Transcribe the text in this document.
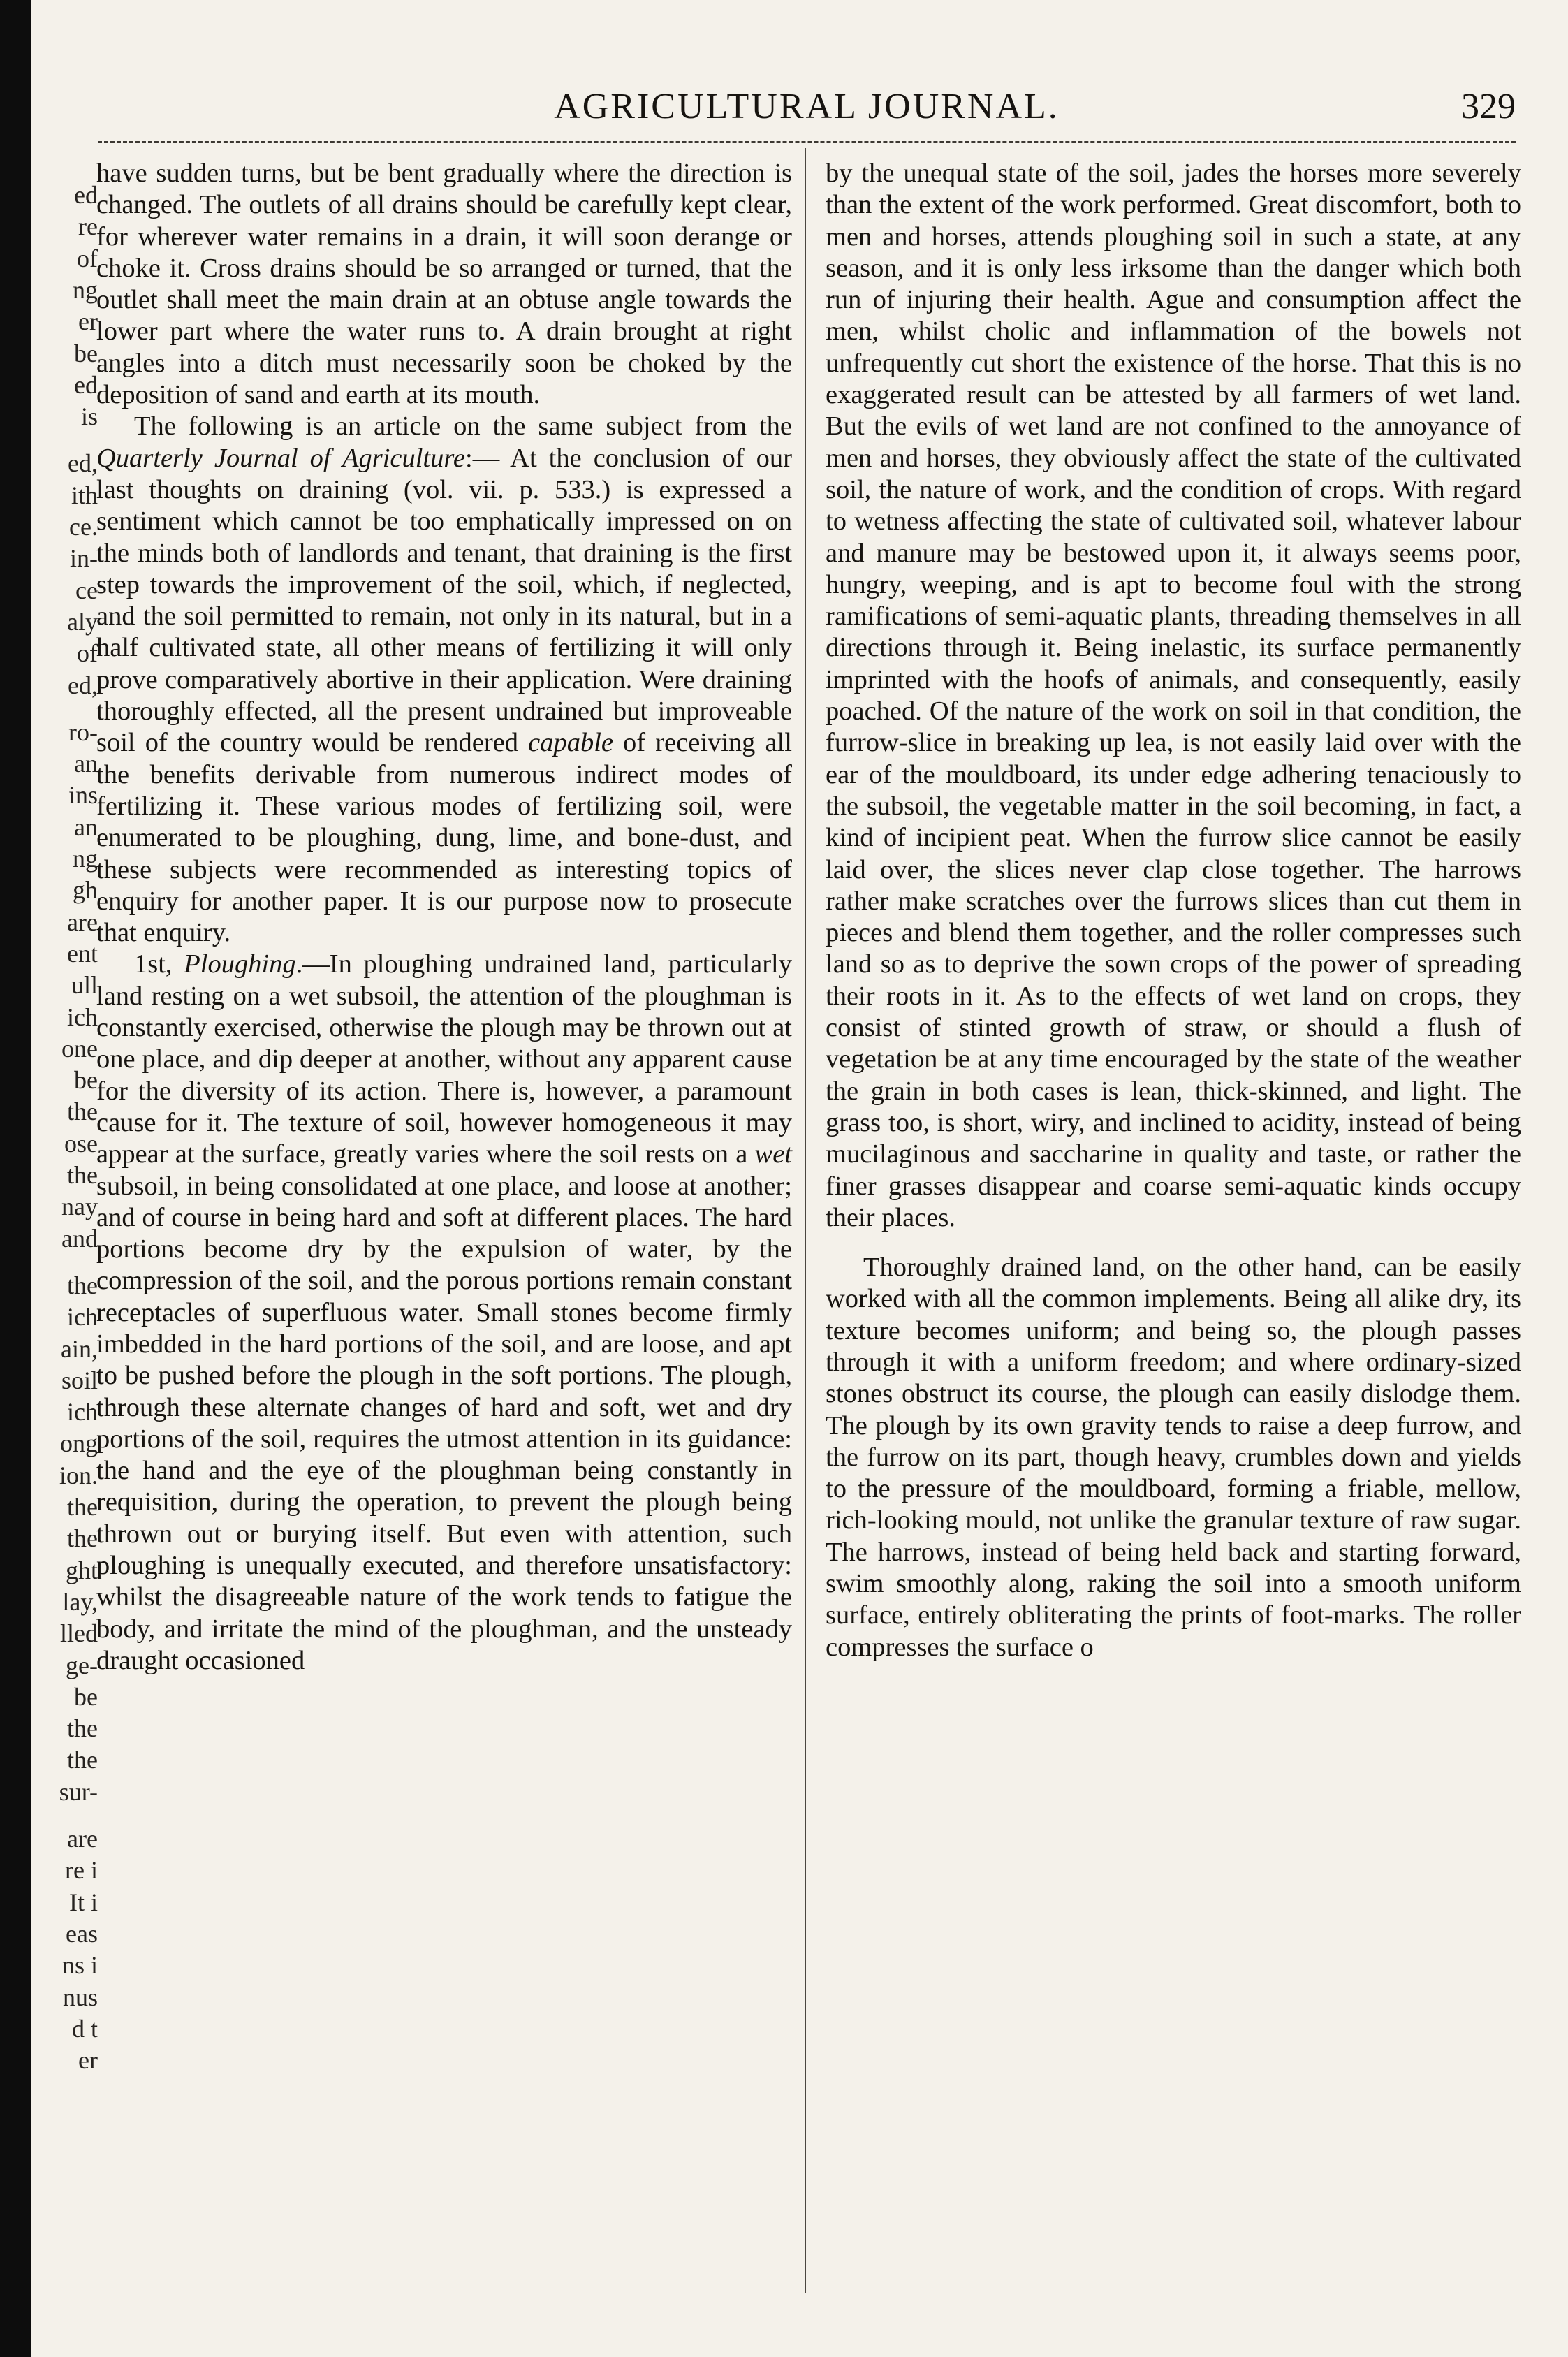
ed
re
of
ng
er
be
ed
is
ed,
ith
ce.
in-
ce
aly
of
ed,
ro-
an
ins
an
ng
gh
are
ent
ull
ich
one
be
the
ose
the
nay
and
the
ich
ain,
soil
ich
ong
ion.
the
the
ght
lay,
lled
ge-
be
the
the
sur-
are
re i
It i
eas
ns i
nus
d t
er
AGRICULTURAL JOURNAL.	329

have sudden turns, but be bent gradually where the direction is changed. The outlets of all drains should be carefully kept clear, for wherever water remains in a drain, it will soon derange or choke it. Cross drains should be so arranged or turned, that the outlet shall meet the main drain at an obtuse angle towards the lower part where the water runs to. A drain brought at right angles into a ditch must necessarily soon be choked by the deposition of sand and earth at its mouth.

The following is an article on the same subject from the Quarterly Journal of Agriculture:— At the conclusion of our last thoughts on draining (vol. vii. p. 533.) is expressed a sentiment which cannot be too emphatically impressed on on the minds both of landlords and tenant, that draining is the first step towards the improvement of the soil, which, if neglected, and the soil permitted to remain, not only in its natural, but in a half cultivated state, all other means of fertilizing it will only prove comparatively abortive in their application. Were draining thoroughly effected, all the present undrained but improveable soil of the country would be rendered capable of receiving all the benefits derivable from numerous indirect modes of fertilizing it. These various modes of fertilizing soil, were enumerated to be ploughing, dung, lime, and bone-dust, and these subjects were recommended as interesting topics of enquiry for another paper. It is our purpose now to prosecute that enquiry.

1st, Ploughing.—In ploughing undrained land, particularly land resting on a wet subsoil, the attention of the ploughman is constantly exercised, otherwise the plough may be thrown out at one place, and dip deeper at another, without any apparent cause for the diversity of its action. There is, however, a paramount cause for it. The texture of soil, however homogeneous it may appear at the surface, greatly varies where the soil rests on a wet subsoil, in being consolidated at one place, and loose at another; and of course in being hard and soft at different places. The hard portions become dry by the expulsion of water, by the compression of the soil, and the porous portions remain constant receptacles of superfluous water. Small stones become firmly imbedded in the hard portions of the soil, and are loose, and apt to be pushed before the plough in the soft portions. The plough, through these alternate changes of hard and soft, wet and dry portions of the soil, requires the utmost attention in its guidance: the hand and the eye of the ploughman being constantly in requisition, during the operation, to prevent the plough being thrown out or burying itself. But even with attention, such ploughing is unequally executed, and therefore unsatisfactory: whilst the disagreeable nature of the work tends to fatigue the body, and irritate the mind of the ploughman, and the unsteady draught occasioned

by the unequal state of the soil, jades the horses more severely than the extent of the work performed. Great discomfort, both to men and horses, attends ploughing soil in such a state, at any season, and it is only less irksome than the danger which both run of injuring their health. Ague and consumption affect the men, whilst cholic and inflammation of the bowels not unfrequently cut short the existence of the horse. That this is no exaggerated result can be attested by all farmers of wet land. But the evils of wet land are not confined to the annoyance of men and horses, they obviously affect the state of the cultivated soil, the nature of work, and the condition of crops. With regard to wetness affecting the state of cultivated soil, whatever labour and manure may be bestowed upon it, it always seems poor, hungry, weeping, and is apt to become foul with the strong ramifications of semi-aquatic plants, threading themselves in all directions through it. Being inelastic, its surface permanently imprinted with the hoofs of animals, and consequently, easily poached. Of the nature of the work on soil in that condition, the furrow-slice in breaking up lea, is not easily laid over with the ear of the mouldboard, its under edge adhering tenaciously to the subsoil, the vegetable matter in the soil becoming, in fact, a kind of incipient peat. When the furrow slice cannot be easily laid over, the slices never clap close together. The harrows rather make scratches over the furrows slices than cut them in pieces and blend them together, and the roller compresses such land so as to deprive the sown crops of the power of spreading their roots in it. As to the effects of wet land on crops, they consist of stinted growth of straw, or should a flush of vegetation be at any time encouraged by the state of the weather the grain in both cases is lean, thick-skinned, and light. The grass too, is short, wiry, and inclined to acidity, instead of being mucilaginous and saccharine in quality and taste, or rather the finer grasses disappear and coarse semi-aquatic kinds occupy their places.

Thoroughly drained land, on the other hand, can be easily worked with all the common implements. Being all alike dry, its texture becomes uniform; and being so, the plough passes through it with a uniform freedom; and where ordinary-sized stones obstruct its course, the plough can easily dislodge them. The plough by its own gravity tends to raise a deep furrow, and the furrow on its part, though heavy, crumbles down and yields to the pressure of the mouldboard, forming a friable, mellow, rich-looking mould, not unlike the granular texture of raw sugar. The harrows, instead of being held back and starting forward, swim smoothly along, raking the soil into a smooth uniform surface, entirely obliterating the prints of foot-marks. The roller compresses the surface o
